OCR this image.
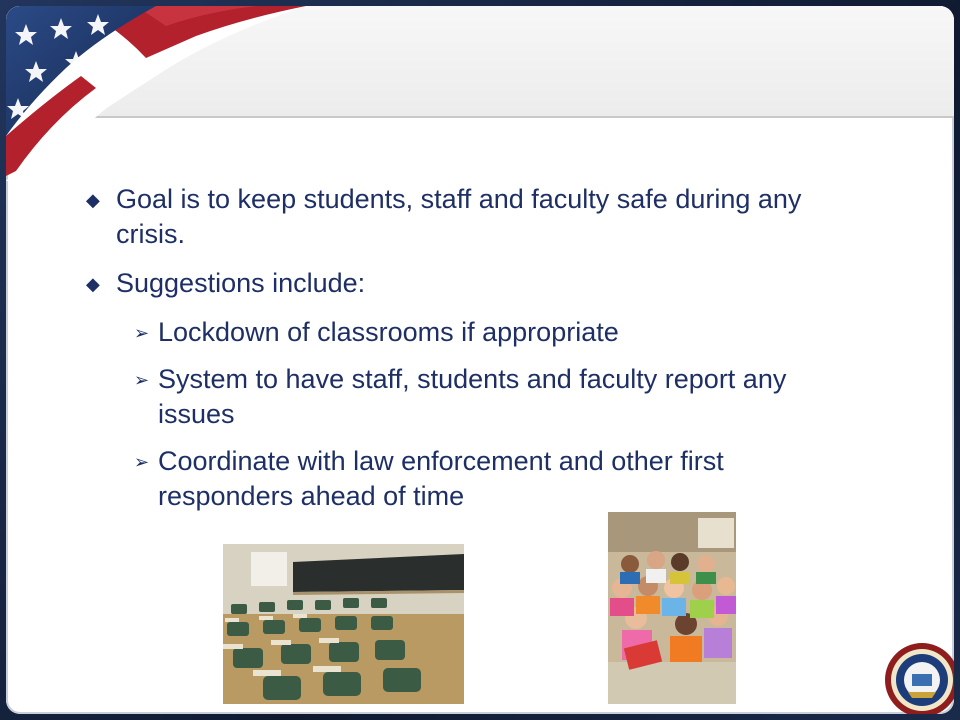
◆ Goal is to keep students, staff and faculty safe during any crisis.
◆ Suggestions include:
➢ Lockdown of classrooms if appropriate
➢ System to have staff, students and faculty report any issues
➢ Coordinate with law enforcement and other first responders ahead of time
